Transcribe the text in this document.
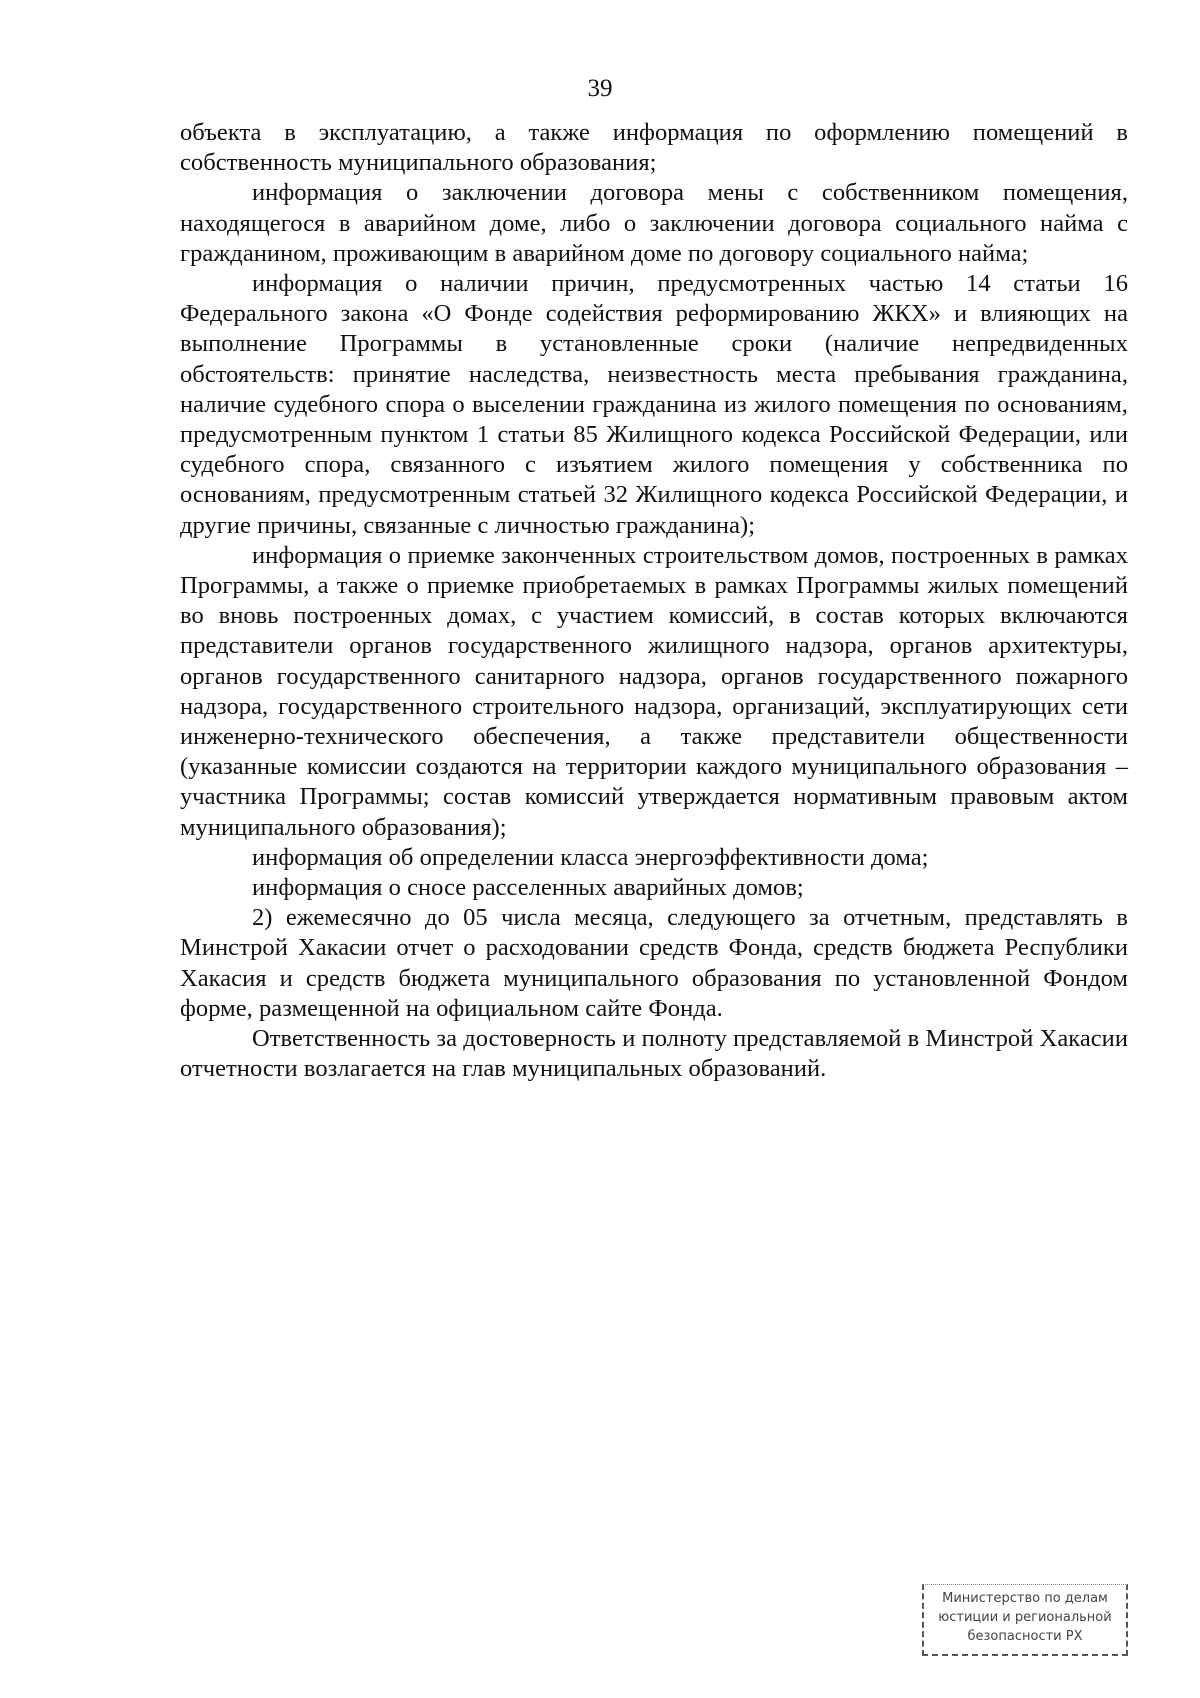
39

объекта в эксплуатацию, а также информация по оформлению помещений в собственность муниципального образования;

информация о заключении договора мены с собственником помещения, находящегося в аварийном доме, либо о заключении договора социального найма с гражданином, проживающим в аварийном доме по договору социального найма;

информация о наличии причин, предусмотренных частью 14 статьи 16 Федерального закона «О Фонде содействия реформированию ЖКХ» и влияющих на выполнение Программы в установленные сроки (наличие непредвиденных обстоятельств: принятие наследства, неизвестность места пребывания гражданина, наличие судебного спора о выселении гражданина из жилого помещения по основаниям, предусмотренным пунктом 1 статьи 85 Жилищного кодекса Российской Федерации, или судебного спора, связанного с изъятием жилого помещения у собственника по основаниям, предусмотренным статьей 32 Жилищного кодекса Российской Федерации, и другие причины, связанные с личностью гражданина);

информация о приемке законченных строительством домов, построенных в рамках Программы, а также о приемке приобретаемых в рамках Программы жилых помещений во вновь построенных домах, с участием комиссий, в состав которых включаются представители органов государственного жилищного надзора, органов архитектуры, органов государственного санитарного надзора, органов государственного пожарного надзора, государственного строительного надзора, организаций, эксплуатирующих сети инженерно-технического обеспечения, а также представители общественности (указанные комиссии создаются на территории каждого муниципального образования – участника Программы; состав комиссий утверждается нормативным правовым актом муниципального образования);

информация об определении класса энергоэффективности дома;

информация о сносе расселенных аварийных домов;

2) ежемесячно до 05 числа месяца, следующего за отчетным, представлять в Минстрой Хакасии отчет о расходовании средств Фонда, средств бюджета Республики Хакасия и средств бюджета муниципального образования по установленной Фондом форме, размещенной на официальном сайте Фонда.

Ответственность за достоверность и полноту представляемой в Минстрой Хакасии отчетности возлагается на глав муниципальных образований.

Министерство по делам
юстиции и региональной
безопасности РХ
